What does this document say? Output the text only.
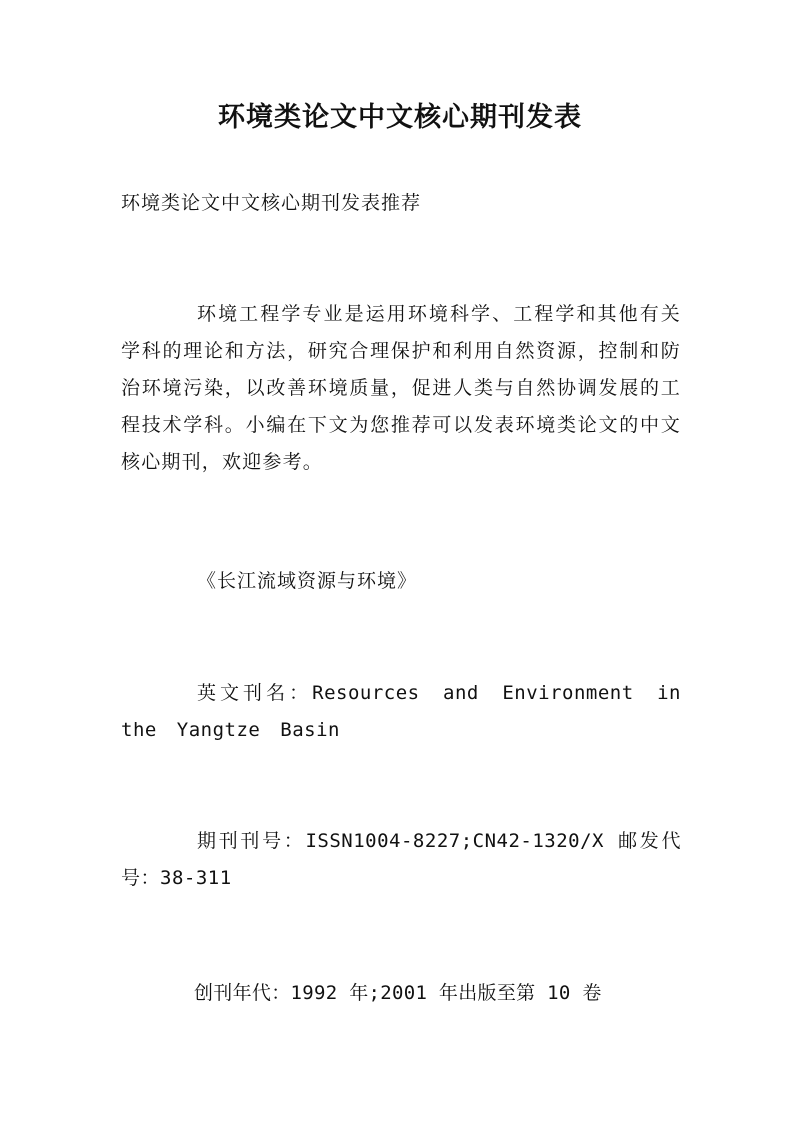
环境类论文中文核心期刊发表
环境类论文中文核心期刊发表推荐
环境工程学专业是运用环境科学、工程学和其他有关学科的理论和方法，研究合理保护和利用自然资源，控制和防治环境污染，以改善环境质量，促进人类与自然协调发展的工程技术学科。小编在下文为您推荐可以发表环境类论文的中文核心期刊，欢迎参考。
《长江流域资源与环境》
英文刊名：Resources and Environment in the Yangtze Basin
期刊刊号：ISSN1004-8227;CN42-1320/X 邮发代号：38-311
创刊年代：1992 年;2001 年出版至第 10 卷
